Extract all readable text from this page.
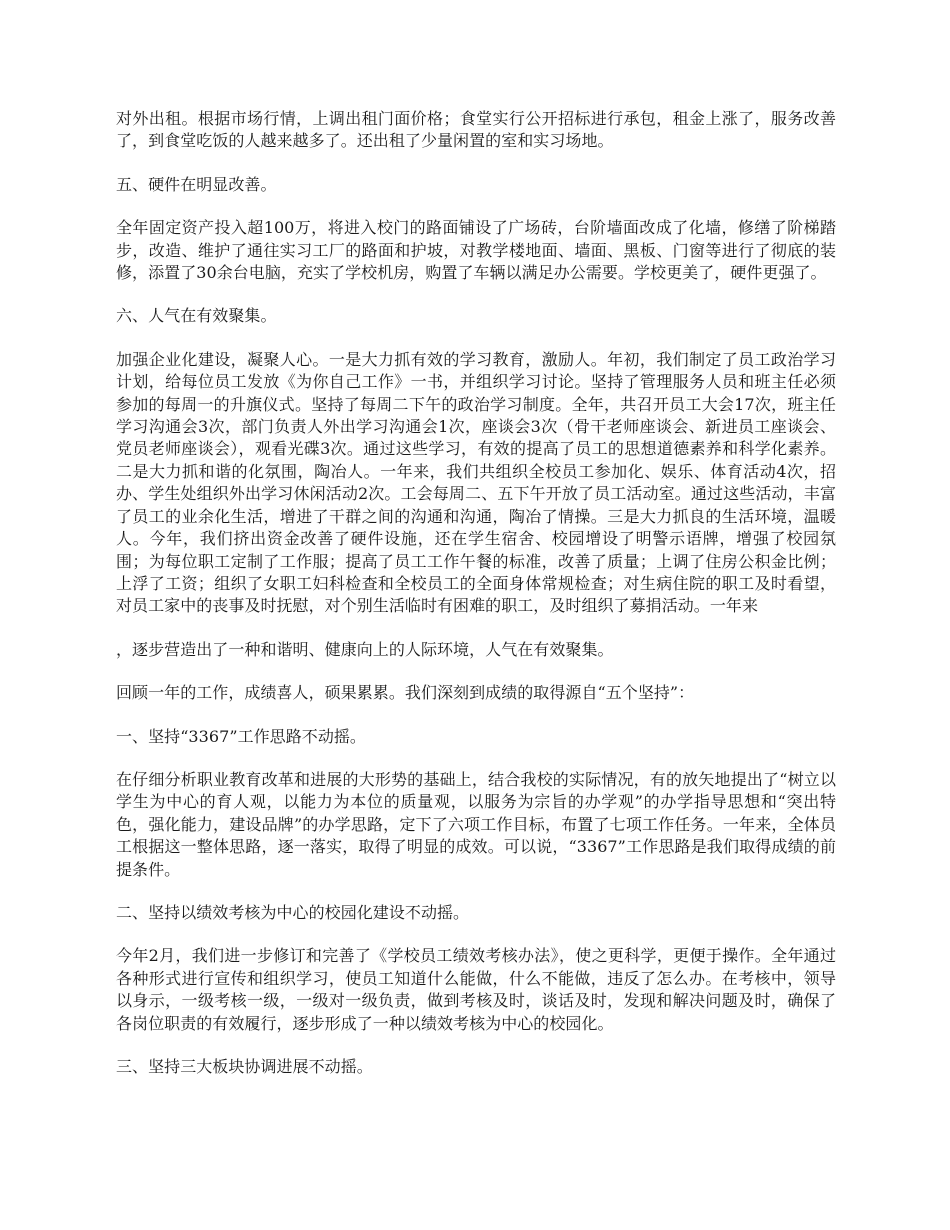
对外出租。根据市场行情，上调出租门面价格；食堂实行公开招标进行承包，租金上涨了，服务改善了，到食堂吃饭的人越来越多了。还出租了少量闲置的室和实习场地。

五、硬件在明显改善。

全年固定资产投入超100万，将进入校门的路面铺设了广场砖，台阶墙面改成了化墙，修缮了阶梯踏步，改造、维护了通往实习工厂的路面和护坡，对教学楼地面、墙面、黑板、门窗等进行了彻底的装修，添置了30余台电脑，充实了学校机房，购置了车辆以满足办公需要。学校更美了，硬件更强了。

六、人气在有效聚集。

加强企业化建设，凝聚人心。一是大力抓有效的学习教育，激励人。年初，我们制定了员工政治学习计划，给每位员工发放《为你自己工作》一书，并组织学习讨论。坚持了管理服务人员和班主任必须参加的每周一的升旗仪式。坚持了每周二下午的政治学习制度。全年，共召开员工大会17次，班主任学习沟通会3次，部门负责人外出学习沟通会1次，座谈会3次（骨干老师座谈会、新进员工座谈会、党员老师座谈会），观看光碟3次。通过这些学习，有效的提高了员工的思想道德素养和科学化素养。二是大力抓和谐的化氛围，陶冶人。一年来，我们共组织全校员工参加化、娱乐、体育活动4次，招办、学生处组织外出学习休闲活动2次。工会每周二、五下午开放了员工活动室。通过这些活动，丰富了员工的业余化生活，增进了干群之间的沟通和沟通，陶冶了情操。三是大力抓良的生活环境，温暖人。今年，我们挤出资金改善了硬件设施，还在学生宿舍、校园增设了明警示语牌，增强了校园氛围；为每位职工定制了工作服；提高了员工工作午餐的标准，改善了质量；上调了住房公积金比例；上浮了工资；组织了女职工妇科检查和全校员工的全面身体常规检查；对生病住院的职工及时看望，对员工家中的丧事及时抚慰，对个别生活临时有困难的职工，及时组织了募捐活动。一年来

，逐步营造出了一种和谐明、健康向上的人际环境，人气在有效聚集。

回顾一年的工作，成绩喜人，硕果累累。我们深刻到成绩的取得源自“五个坚持”：

一、坚持“3367”工作思路不动摇。

在仔细分析职业教育改革和进展的大形势的基础上，结合我校的实际情况，有的放矢地提出了“树立以学生为中心的育人观，以能力为本位的质量观，以服务为宗旨的办学观”的办学指导思想和“突出特色，强化能力，建设品牌”的办学思路，定下了六项工作目标，布置了七项工作任务。一年来，全体员工根据这一整体思路，逐一落实，取得了明显的成效。可以说，“3367”工作思路是我们取得成绩的前提条件。

二、坚持以绩效考核为中心的校园化建设不动摇。

今年2月，我们进一步修订和完善了《学校员工绩效考核办法》，使之更科学，更便于操作。全年通过各种形式进行宣传和组织学习，使员工知道什么能做，什么不能做，违反了怎么办。在考核中，领导以身示，一级考核一级，一级对一级负责，做到考核及时，谈话及时，发现和解决问题及时，确保了各岗位职责的有效履行，逐步形成了一种以绩效考核为中心的校园化。

三、坚持三大板块协调进展不动摇。
